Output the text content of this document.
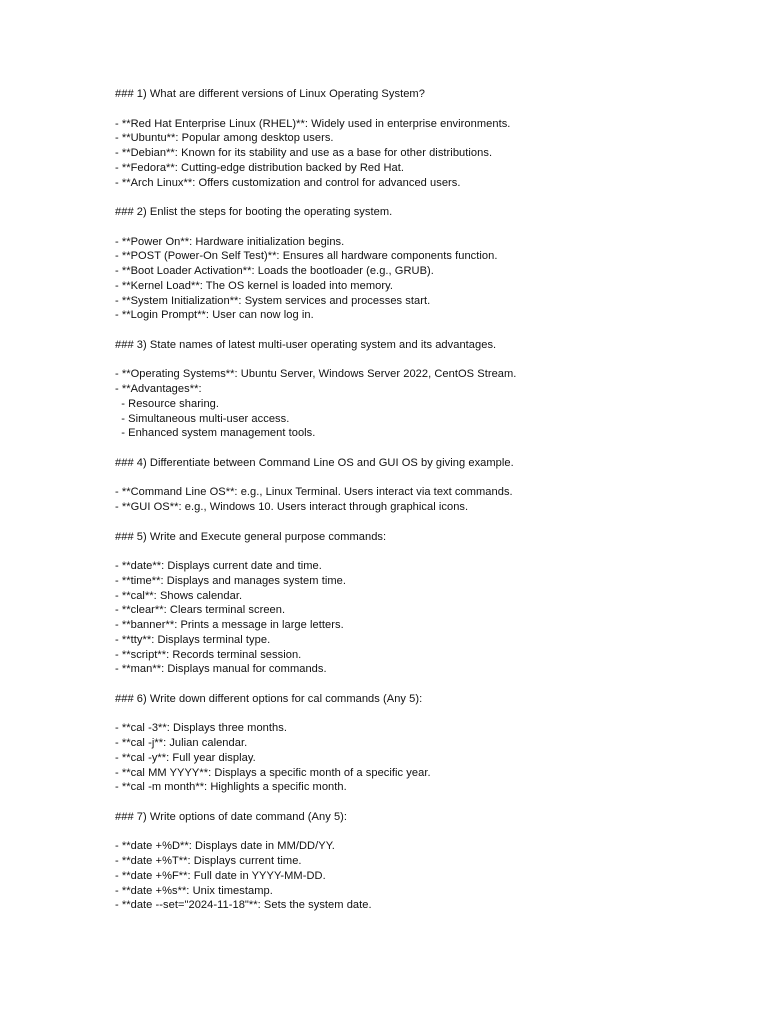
### 1) What are different versions of Linux Operating System?
- **Red Hat Enterprise Linux (RHEL)**: Widely used in enterprise environments.
- **Ubuntu**: Popular among desktop users.
- **Debian**: Known for its stability and use as a base for other distributions.
- **Fedora**: Cutting-edge distribution backed by Red Hat.
- **Arch Linux**: Offers customization and control for advanced users.
### 2) Enlist the steps for booting the operating system.
- **Power On**: Hardware initialization begins.
- **POST (Power-On Self Test)**: Ensures all hardware components function.
- **Boot Loader Activation**: Loads the bootloader (e.g., GRUB).
- **Kernel Load**: The OS kernel is loaded into memory.
- **System Initialization**: System services and processes start.
- **Login Prompt**: User can now log in.
### 3) State names of latest multi-user operating system and its advantages.
- **Operating Systems**: Ubuntu Server, Windows Server 2022, CentOS Stream.
- **Advantages**:
- Resource sharing.
- Simultaneous multi-user access.
- Enhanced system management tools.
### 4) Differentiate between Command Line OS and GUI OS by giving example.
- **Command Line OS**: e.g., Linux Terminal. Users interact via text commands.
- **GUI OS**: e.g., Windows 10. Users interact through graphical icons.
### 5) Write and Execute general purpose commands:
- **date**: Displays current date and time.
- **time**: Displays and manages system time.
- **cal**: Shows calendar.
- **clear**: Clears terminal screen.
- **banner**: Prints a message in large letters.
- **tty**: Displays terminal type.
- **script**: Records terminal session.
- **man**: Displays manual for commands.
### 6) Write down different options for cal commands (Any 5):
- **cal -3**: Displays three months.
- **cal -j**: Julian calendar.
- **cal -y**: Full year display.
- **cal MM YYYY**: Displays a specific month of a specific year.
- **cal -m month**: Highlights a specific month.
### 7) Write options of date command (Any 5):
- **date +%D**: Displays date in MM/DD/YY.
- **date +%T**: Displays current time.
- **date +%F**: Full date in YYYY-MM-DD.
- **date +%s**: Unix timestamp.
- **date --set="2024-11-18"**: Sets the system date.
